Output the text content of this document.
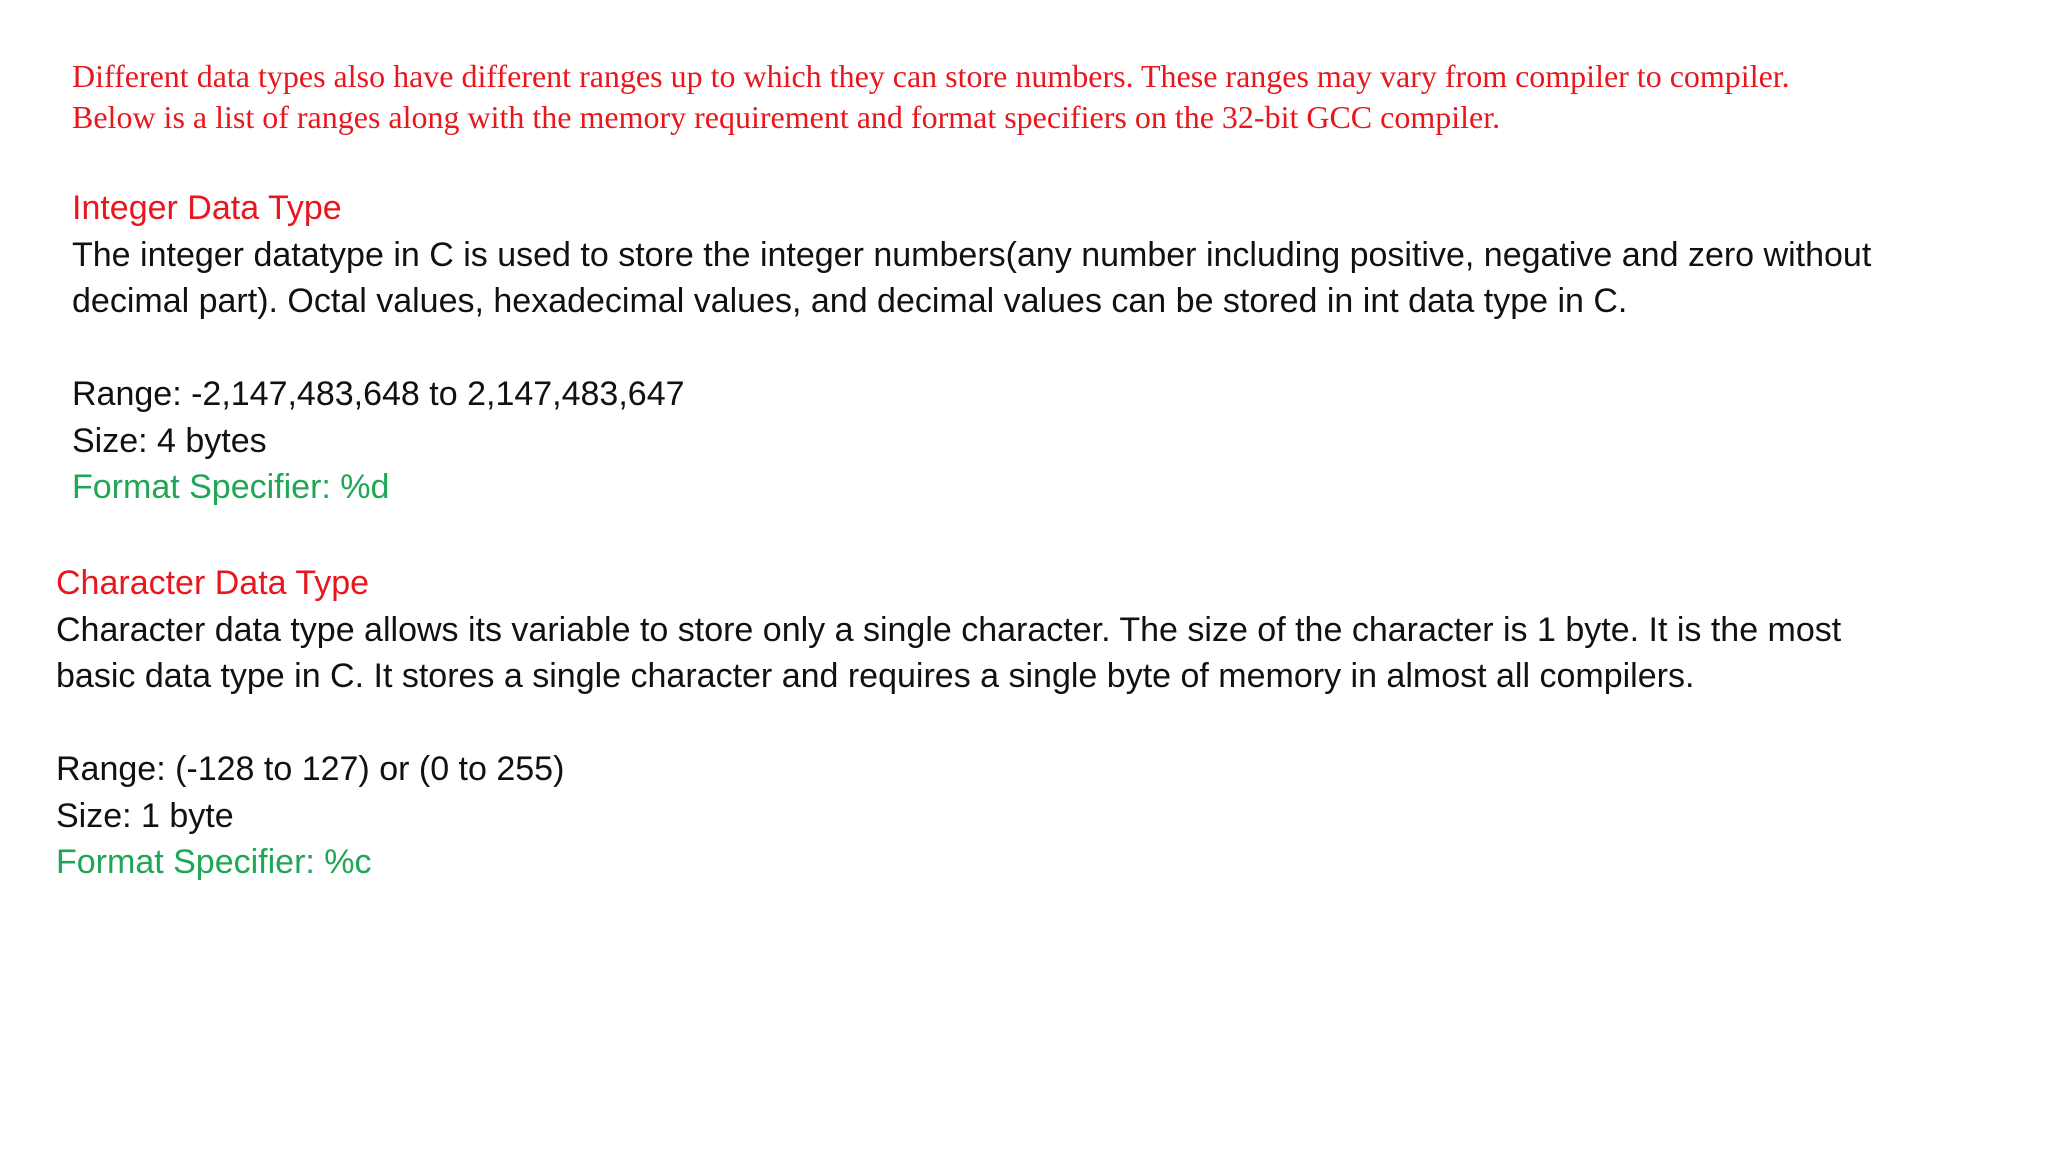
Different data types also have different ranges up to which they can store numbers. These ranges may vary from compiler to compiler.

Below is a list of ranges along with the memory requirement and format specifiers on the 32-bit GCC compiler.

Integer Data Type

The integer datatype in C is used to store the integer numbers(any number including positive, negative and zero without

decimal part). Octal values, hexadecimal values, and decimal values can be stored in int data type in C.

Range: -2,147,483,648 to 2,147,483,647

Size: 4 bytes

Format Specifier: %d

Character Data Type

Character data type allows its variable to store only a single character. The size of the character is 1 byte. It is the most

basic data type in C. It stores a single character and requires a single byte of memory in almost all compilers.

Range: (-128 to 127) or (0 to 255)

Size: 1 byte

Format Specifier: %c
